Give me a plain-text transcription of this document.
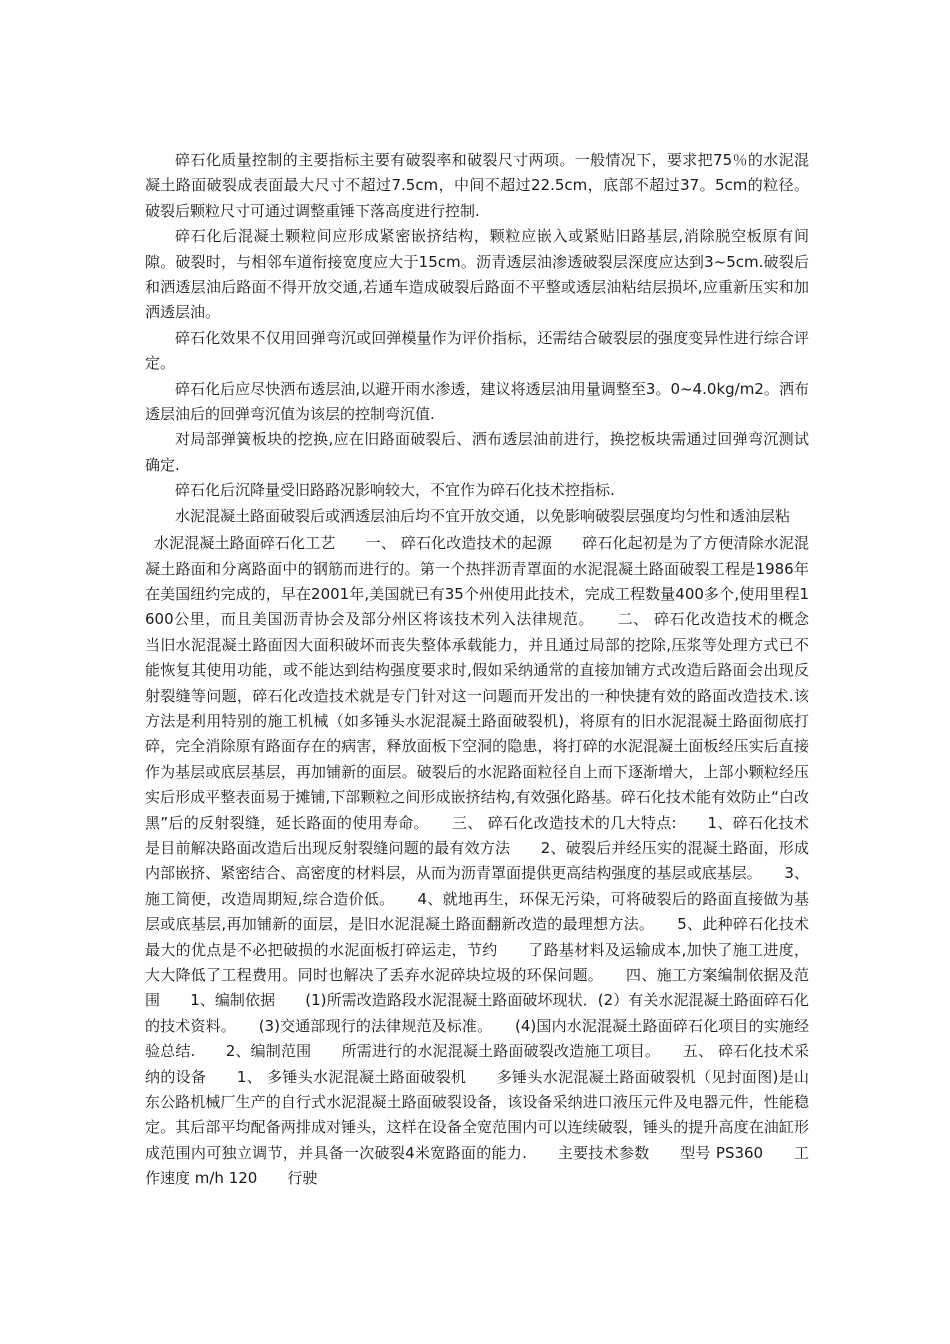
碎石化质量控制的主要指标主要有破裂率和破裂尺寸两项。一般情况下，要求把75％的水泥混凝土路面破裂成表面最大尺寸不超过7.5cm，中间不超过22.5cm，底部不超过37。5cm的粒径。破裂后颗粒尺寸可通过调整重锤下落高度进行控制.

碎石化后混凝土颗粒间应形成紧密嵌挤结构，颗粒应嵌入或紧贴旧路基层,消除脱空板原有间隙。破裂时，与相邻车道衔接宽度应大于15cm。沥青透层油渗透破裂层深度应达到3~5cm.破裂后和洒透层油后路面不得开放交通,若通车造成破裂后路面不平整或透层油粘结层损坏,应重新压实和加洒透层油。

碎石化效果不仅用回弹弯沉或回弹模量作为评价指标，还需结合破裂层的强度变异性进行综合评定。

碎石化后应尽快洒布透层油,以避开雨水渗透，建议将透层油用量调整至3。0~4.0kg/m2。洒布透层油后的回弹弯沉值为该层的控制弯沉值.

对局部弹簧板块的挖换,应在旧路面破裂后、洒布透层油前进行，换挖板块需通过回弹弯沉测试确定.

碎石化后沉降量受旧路路况影响较大，不宜作为碎石化技术控指标.

水泥混凝土路面破裂后或洒透层油后均不宜开放交通，以免影响破裂层强度均匀性和透油层粘

水泥混凝土路面碎石化工艺　　一、 碎石化改造技术的起源　　碎石化起初是为了方便清除水泥混凝土路面和分离路面中的钢筋而进行的。第一个热拌沥青罩面的水泥混凝土路面破裂工程是1986年在美国纽约完成的，早在2001年,美国就已有35个州使用此技术，完成工程数量400多个,使用里程1600公里，而且美国沥青协会及部分州区将该技术列入法律规范。　　二、 碎石化改造技术的概念　　当旧水泥混凝土路面因大面积破坏而丧失整体承载能力，并且通过局部的挖除,压浆等处理方式已不能恢复其使用功能，或不能达到结构强度要求时,假如采纳通常的直接加铺方式改造后路面会出现反射裂缝等问题，碎石化改造技术就是专门针对这一问题而开发出的一种快捷有效的路面改造技术.该方法是利用特别的施工机械（如多锤头水泥混凝土路面破裂机)，将原有的旧水泥混凝土路面彻底打碎，完全消除原有路面存在的病害，释放面板下空洞的隐患，将打碎的水泥混凝土面板经压实后直接作为基层或底层基层，再加铺新的面层。破裂后的水泥路面粒径自上而下逐渐增大，上部小颗粒经压实后形成平整表面易于摊铺,下部颗粒之间形成嵌挤结构,有效强化路基。碎石化技术能有效防止“白改黑”后的反射裂缝，延长路面的使用寿命。　　三、 碎石化改造技术的几大特点:　　1、碎石化技术是目前解决路面改造后出现反射裂缝问题的最有效方法　　2、破裂后并经压实的混凝土路面，形成内部嵌挤、紧密结合、高密度的材料层，从而为沥青罩面提供更高结构强度的基层或底基层。　　3、施工简便，改造周期短,综合造价低。　　4、就地再生，环保无污染，可将破裂后的路面直接做为基层或底基层,再加铺新的面层，是旧水泥混凝土路面翻新改造的最理想方法。　　5、此种碎石化技术最大的优点是不必把破损的水泥面板打碎运走，节约　　了路基材料及运输成本,加快了施工进度，大大降低了工程费用。同时也解决了丢弃水泥碎块垃圾的环保问题。　　四、施工方案编制依据及范围　　1、编制依据　　(1)所需改造路段水泥混凝土路面破坏现状．(2）有关水泥混凝土路面碎石化的技术资料。　　(3)交通部现行的法律规范及标准。　　(4)国内水泥混凝土路面碎石化项目的实施经验总结.　　2、编制范围　　所需进行的水泥混凝土路面破裂改造施工项目。　　五、 碎石化技术采纳的设备　　1、 多锤头水泥混凝土路面破裂机　　多锤头水泥混凝土路面破裂机（见封面图)是山东公路机械厂生产的自行式水泥混凝土路面破裂设备，该设备采纳进口液压元件及电器元件，性能稳定。其后部平均配备两排成对锤头，这样在设备全宽范围内可以连续破裂，锤头的提升高度在油缸形成范围内可独立调节，并具备一次破裂4米宽路面的能力.　　主要技术参数　　型号 PS360　　工作速度 m/h 120　　行驶
